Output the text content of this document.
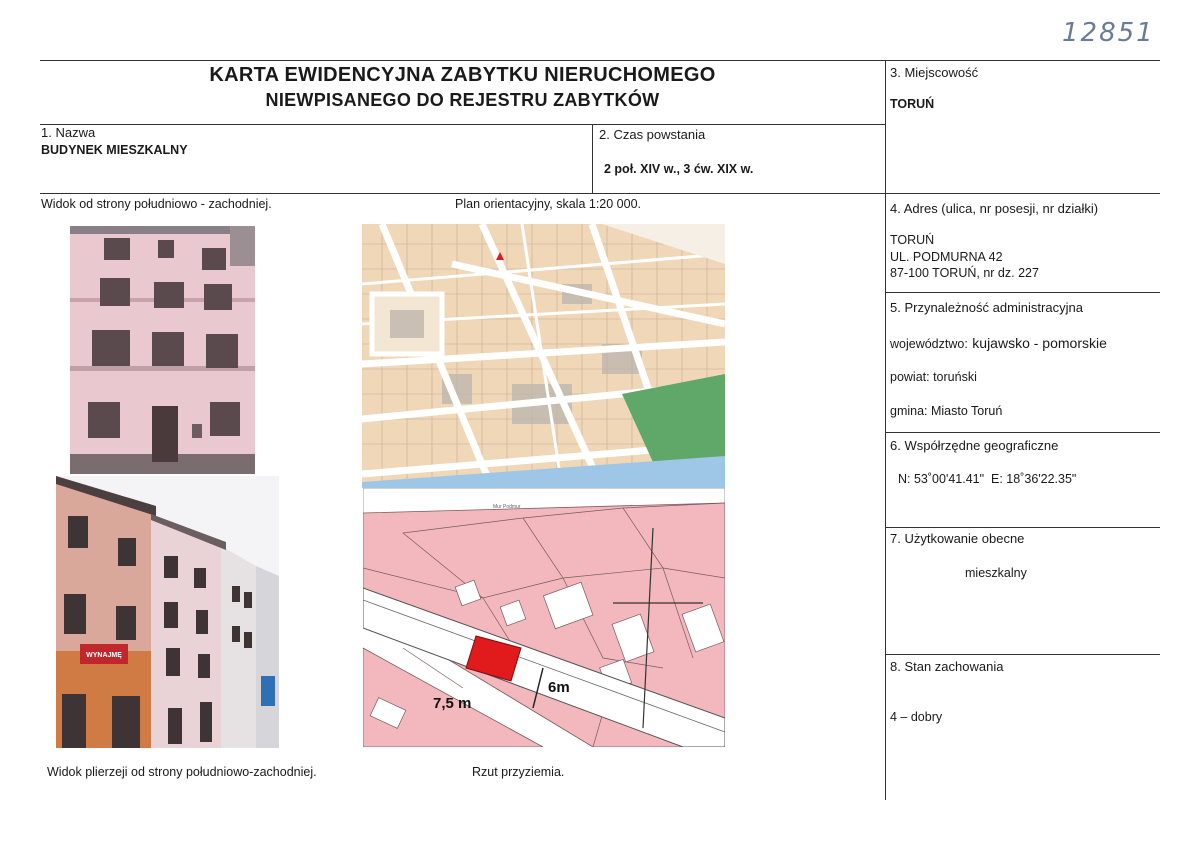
12851
KARTA EWIDENCYJNA ZABYTKU NIERUCHOMEGO
NIEWPISANEGO DO REJESTRU ZABYTKÓW
1. Nazwa
BUDYNEK MIESZKALNY
2. Czas powstania
2 poł. XIV w., 3 ćw. XIX w.
3. Miejscowość
TORUŃ
4. Adres (ulica, nr posesji, nr działki)
TORUŃ
UL. PODMURNA 42
87-100 TORUŃ, nr dz. 227
5. Przynależność administracyjna
województwo: kujawsko - pomorskie
powiat: toruński
gmina: Miasto Toruń
6. Współrzędne geograficzne
N: 53˚00'41.41" E: 18˚36'22.35"
7. Użytkowanie obecne
mieszkalny
8. Stan zachowania
4 – dobry
Widok od strony południowo - zachodniej.	Plan orientacyjny, skala 1:20 000.
Widok plierzeji od strony południowo-zachodniej.	Rzut przyziemia.
WYNAJMĘ
7,5 m
6m
Mur Podmur
